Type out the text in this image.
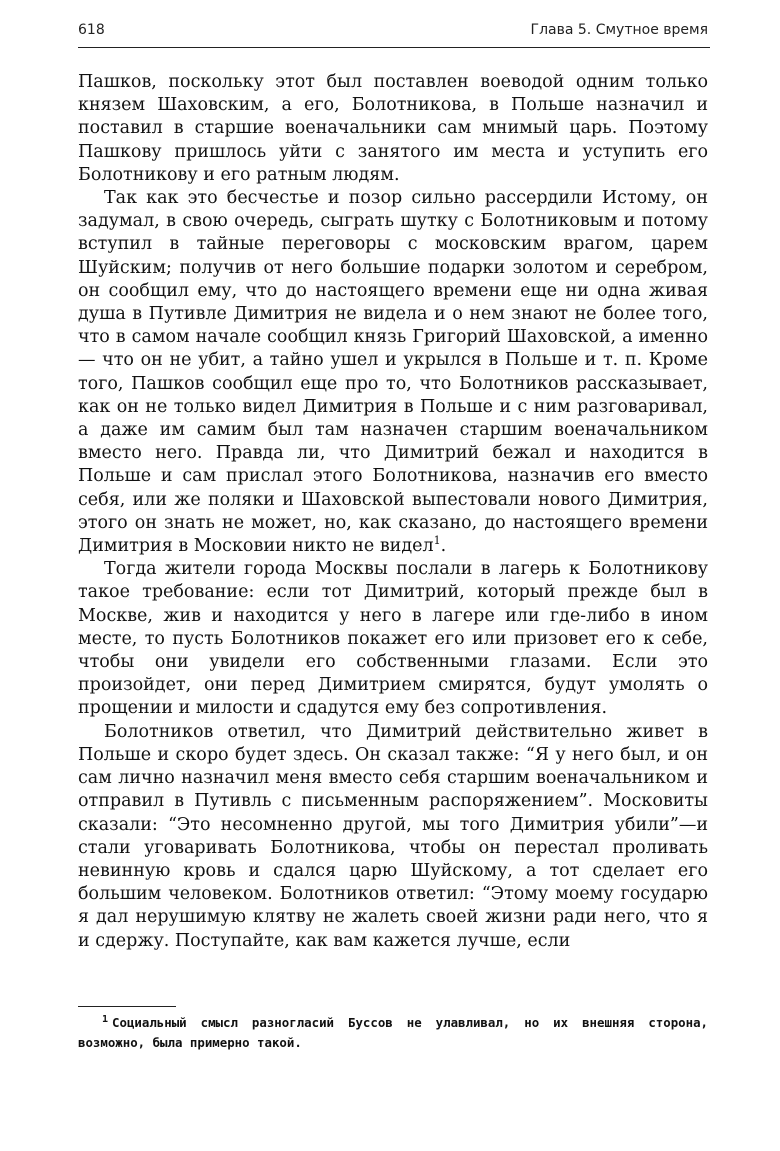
618	Глава 5. Смутное время

Пашков, поскольку этот был поставлен воеводой одним только князем Шаховским, а его, Болотникова, в Польше назначил и поставил в старшие военачальники сам мнимый царь. Поэтому Пашкову пришлось уйти с занятого им места и уступить его Болотникову и его ратным людям.

Так как это бесчестье и позор сильно рассердили Истому, он задумал, в свою очередь, сыграть шутку с Болотниковым и потому вступил в тайные переговоры с московским врагом, царем Шуйским; получив от него большие подарки золотом и серебром, он сообщил ему, что до настоящего времени еще ни одна живая душа в Путивле Димитрия не видела и о нем знают не более того, что в самом начале сообщил князь Григорий Шаховской, а именно — что он не убит, а тайно ушел и укрылся в Польше и т. п. Кроме того, Пашков сообщил еще про то, что Болотников рассказывает, как он не только видел Димитрия в Польше и с ним разговаривал, а даже им самим был там назначен старшим военачальником вместо него. Правда ли, что Димитрий бежал и находится в Польше и сам прислал этого Болотникова, назначив его вместо себя, или же поляки и Шаховской выпестовали нового Димитрия, этого он знать не может, но, как сказано, до настоящего времени Димитрия в Московии никто не видел$^1$.

Тогда жители города Москвы послали в лагерь к Болотникову такое требование: если тот Димитрий, который прежде был в Москве, жив и находится у него в лагере или где-либо в ином месте, то пусть Болотников покажет его или призовет его к себе, чтобы они увидели его собственными глазами. Если это произойдет, они перед Димитрием смирятся, будут умолять о прощении и милости и сдадутся ему без сопротивления.

Болотников ответил, что Димитрий действительно живет в Польше и скоро будет здесь. Он сказал также: “Я у него был, и он сам лично назначил меня вместо себя старшим военачальником и отправил в Путивль с письменным распоряжением”. Московиты сказали: “Это несомненно другой, мы того Димитрия убили”—и стали уговаривать Болотникова, чтобы он перестал проливать невинную кровь и сдался царю Шуйскому, а тот сделает его большим человеком. Болотников ответил: “Этому моему государю я дал нерушимую клятву не жалеть своей жизни ради него, что я и сдержу. Поступайте, как вам кажется лучше, если

$^1$ Социальный смысл разногласий Буссов не улавливал, но их внешняя сторона, возможно, была примерно такой.
